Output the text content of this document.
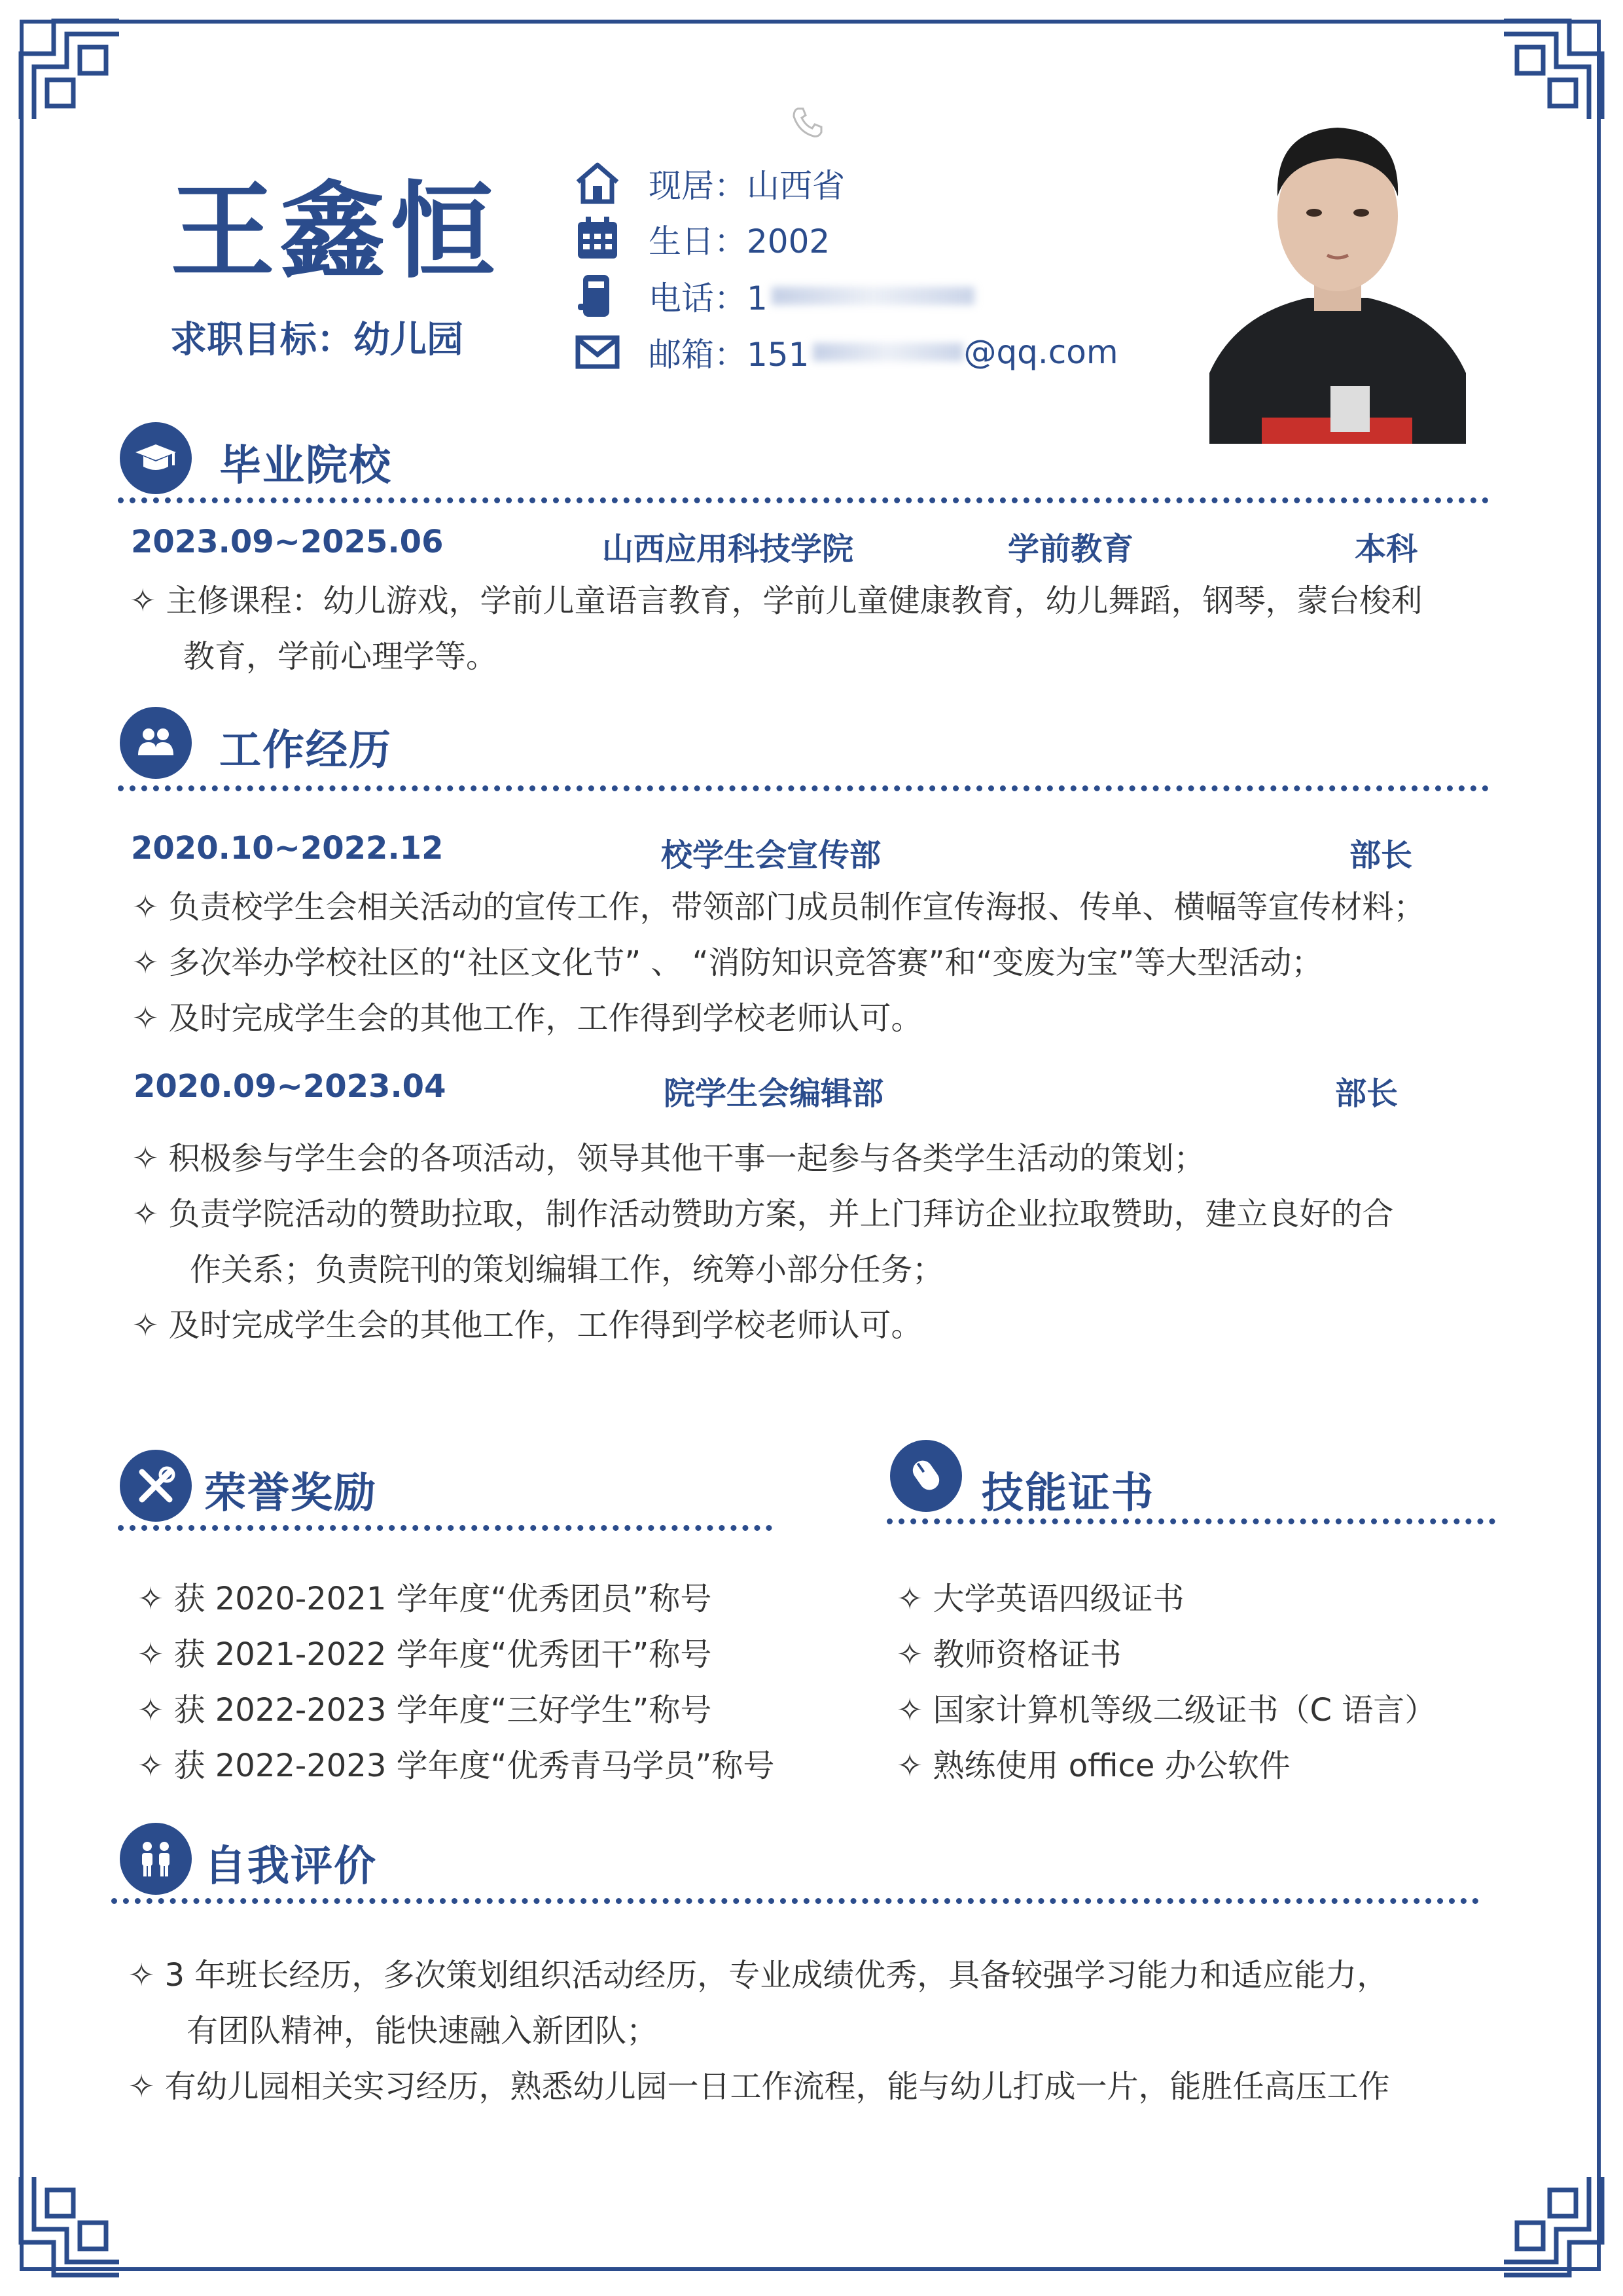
王鑫恒
求职目标：幼儿园
现居：山西省
生日：2002
电话：1
邮箱：151	@qq.com
毕业院校
2023.09~2025.06	山西应用科技学院	学前教育	本科
✧ 主修课程：幼儿游戏，学前儿童语言教育，学前儿童健康教育，幼儿舞蹈，钢琴，蒙台梭利
教育，学前心理学等。
工作经历
2020.10~2022.12	校学生会宣传部	部长
✧ 负责校学生会相关活动的宣传工作，带领部门成员制作宣传海报、传单、横幅等宣传材料；
✧ 多次举办学校社区的“社区文化节” 、 “消防知识竞答赛”和“变废为宝”等大型活动；
✧ 及时完成学生会的其他工作，工作得到学校老师认可。
2020.09~2023.04	院学生会编辑部	部长
✧ 积极参与学生会的各项活动，领导其他干事一起参与各类学生活动的策划；
✧ 负责学院活动的赞助拉取，制作活动赞助方案，并上门拜访企业拉取赞助，建立良好的合
作关系；负责院刊的策划编辑工作，统筹小部分任务；
✧ 及时完成学生会的其他工作，工作得到学校老师认可。
荣誉奖励
✧ 获 2020-2021 学年度“优秀团员”称号
✧ 获 2021-2022 学年度“优秀团干”称号
✧ 获 2022-2023 学年度“三好学生”称号
✧ 获 2022-2023 学年度“优秀青马学员”称号
技能证书
✧ 大学英语四级证书
✧ 教师资格证书
✧ 国家计算机等级二级证书（C 语言）
✧ 熟练使用 office 办公软件
自我评价
✧ 3 年班长经历，多次策划组织活动经历，专业成绩优秀，具备较强学习能力和适应能力，
有团队精神，能快速融入新团队；
✧ 有幼儿园相关实习经历，熟悉幼儿园一日工作流程，能与幼儿打成一片，能胜任高压工作
